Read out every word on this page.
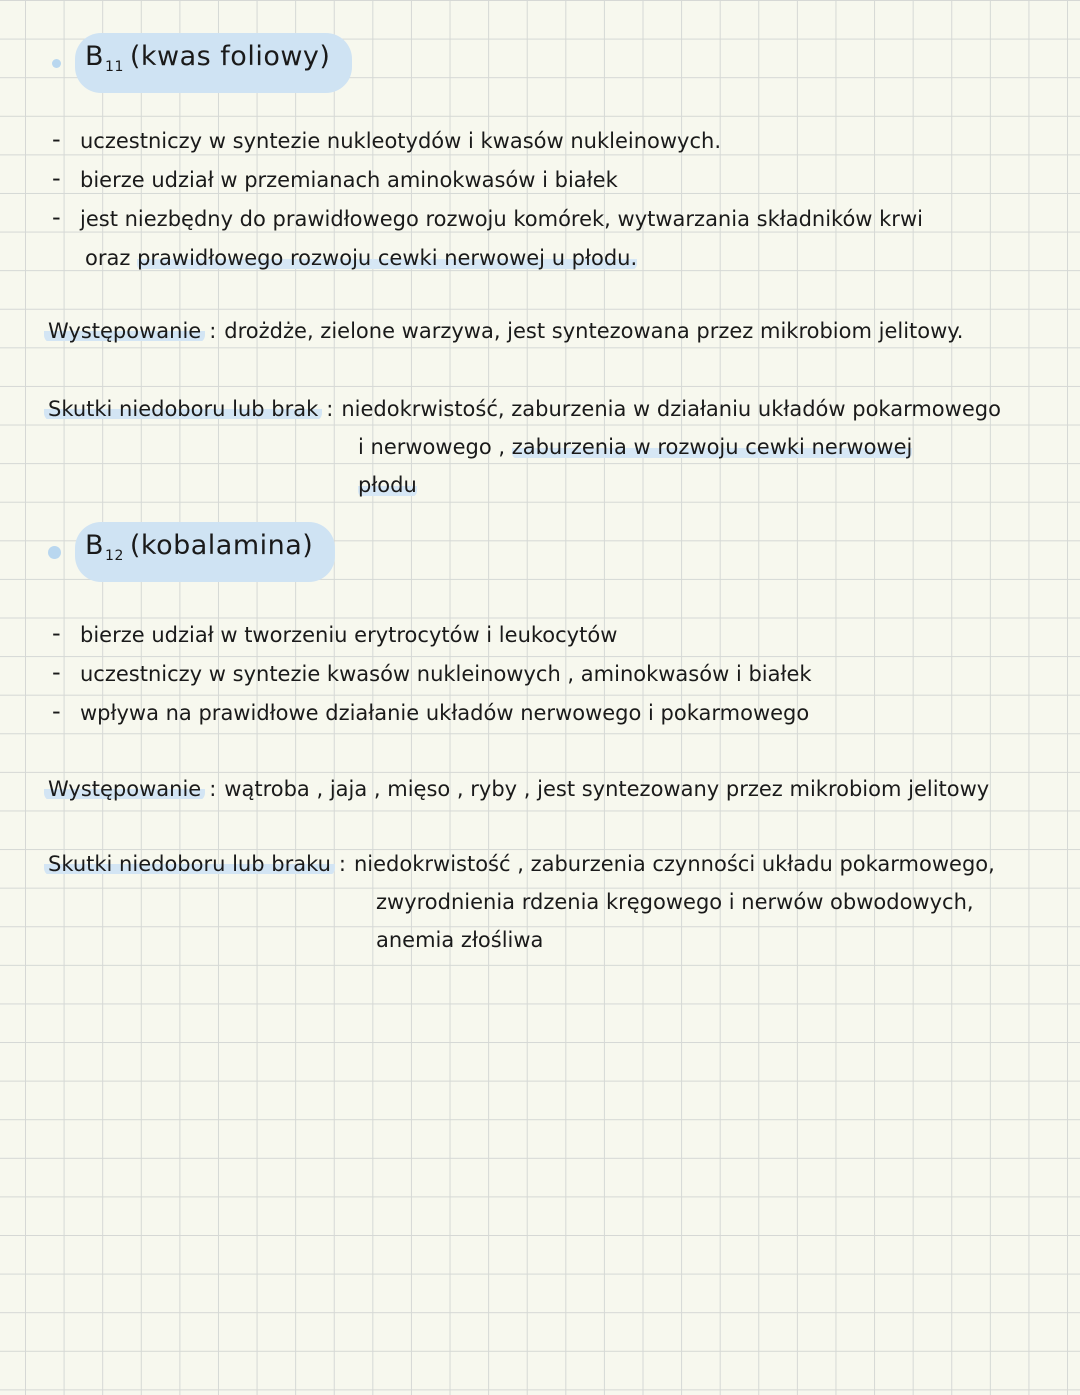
$B_{11}$ (kwas foliowy)
- uczestniczy w syntezie nukleotydów i kwasów nukleinowych.
- bierze udział w przemianach aminokwasów i białek
- jest niezbędny do prawidłowego rozwoju komórek, wytwarzania składników krwi
oraz prawidłowego rozwoju cewki nerwowej u płodu.
Występowanie : drożdże, zielone warzywa, jest syntezowana przez mikrobiom jelitowy.
Skutki niedoboru lub brak : niedokrwistość, zaburzenia w działaniu układów pokarmowego
i nerwowego , zaburzenia w rozwoju cewki nerwowej
płodu
$B_{12}$ (kobalamina)
- bierze udział w tworzeniu erytrocytów i leukocytów
- uczestniczy w syntezie kwasów nukleinowych , aminokwasów i białek
- wpływa na prawidłowe działanie układów nerwowego i pokarmowego
Występowanie : wątroba , jaja , mięso , ryby , jest syntezowany przez mikrobiom jelitowy
Skutki niedoboru lub braku : niedokrwistość , zaburzenia czynności układu pokarmowego,
zwyrodnienia rdzenia kręgowego i nerwów obwodowych,
anemia złośliwa
